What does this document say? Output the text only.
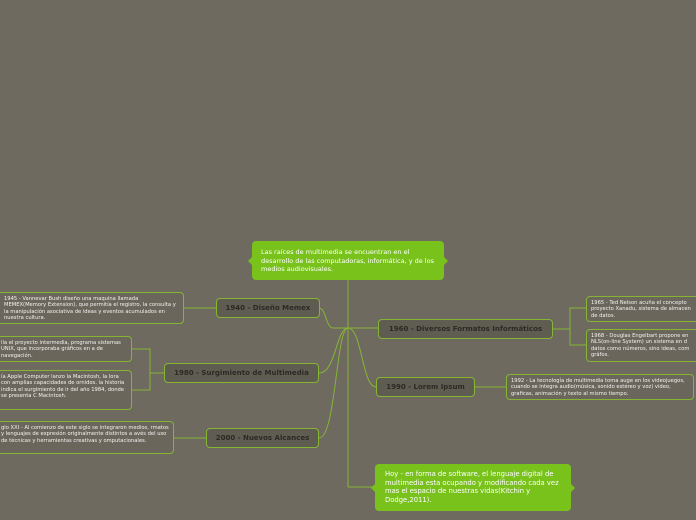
Las raíces de multimedia se encuentran en el desarrollo de las computadoras, informática, y de los medios audiovisuales.
1940 - Diseño Memex
1980 - Surgimiento de Multimedia
2000 - Nuevos Alcances
1960 - Diversos Formatos Informáticos
1990 - Lorem Ipsum
1945 - Vannevar Bush diseño una maquina llamada MEMEX(Memory Extension), que permitía el registro, la consulta y la manipulación asociativa de ideas y eventos acumulados en nuestra cultura.
lla el proyecto intermedia, programa sistemas UNIX, que incorporaba gráficos en a de navegación.
ía Apple Computer lanzo la Macintosh, la lora con amplias capacidades de ornidos. la historia indica el surgimiento de ir del año 1984, donde se presenta C Macintosh.
glo XXI - Al comienzo de este siglo se integraron medios, rmatos y lenguajes de expresión originalmente distintos a avés del uso de técnicas y herramientas creativas y omputacionales.
1965 - Ted Nelson acuña el concepto proyecto Xanadu, sistema de almacen de datos.
1968 - Douglas Engelbart propone en NLS(on-line System) un sistema en d datos como números, sino ideas, com gráfos.
1992 - La tecnología de multimedia toma auge en los videojuegos, cuando se integra audio(música, sonido estéreo y voz) video, graficas, animación y texto al mismo tiempo.
Hoy - en forma de software, el lenguaje digital de multimedia esta ocupando y modificando cada vez mas el espacio de nuestras vidas(Kitchin y Dodge,2011).
